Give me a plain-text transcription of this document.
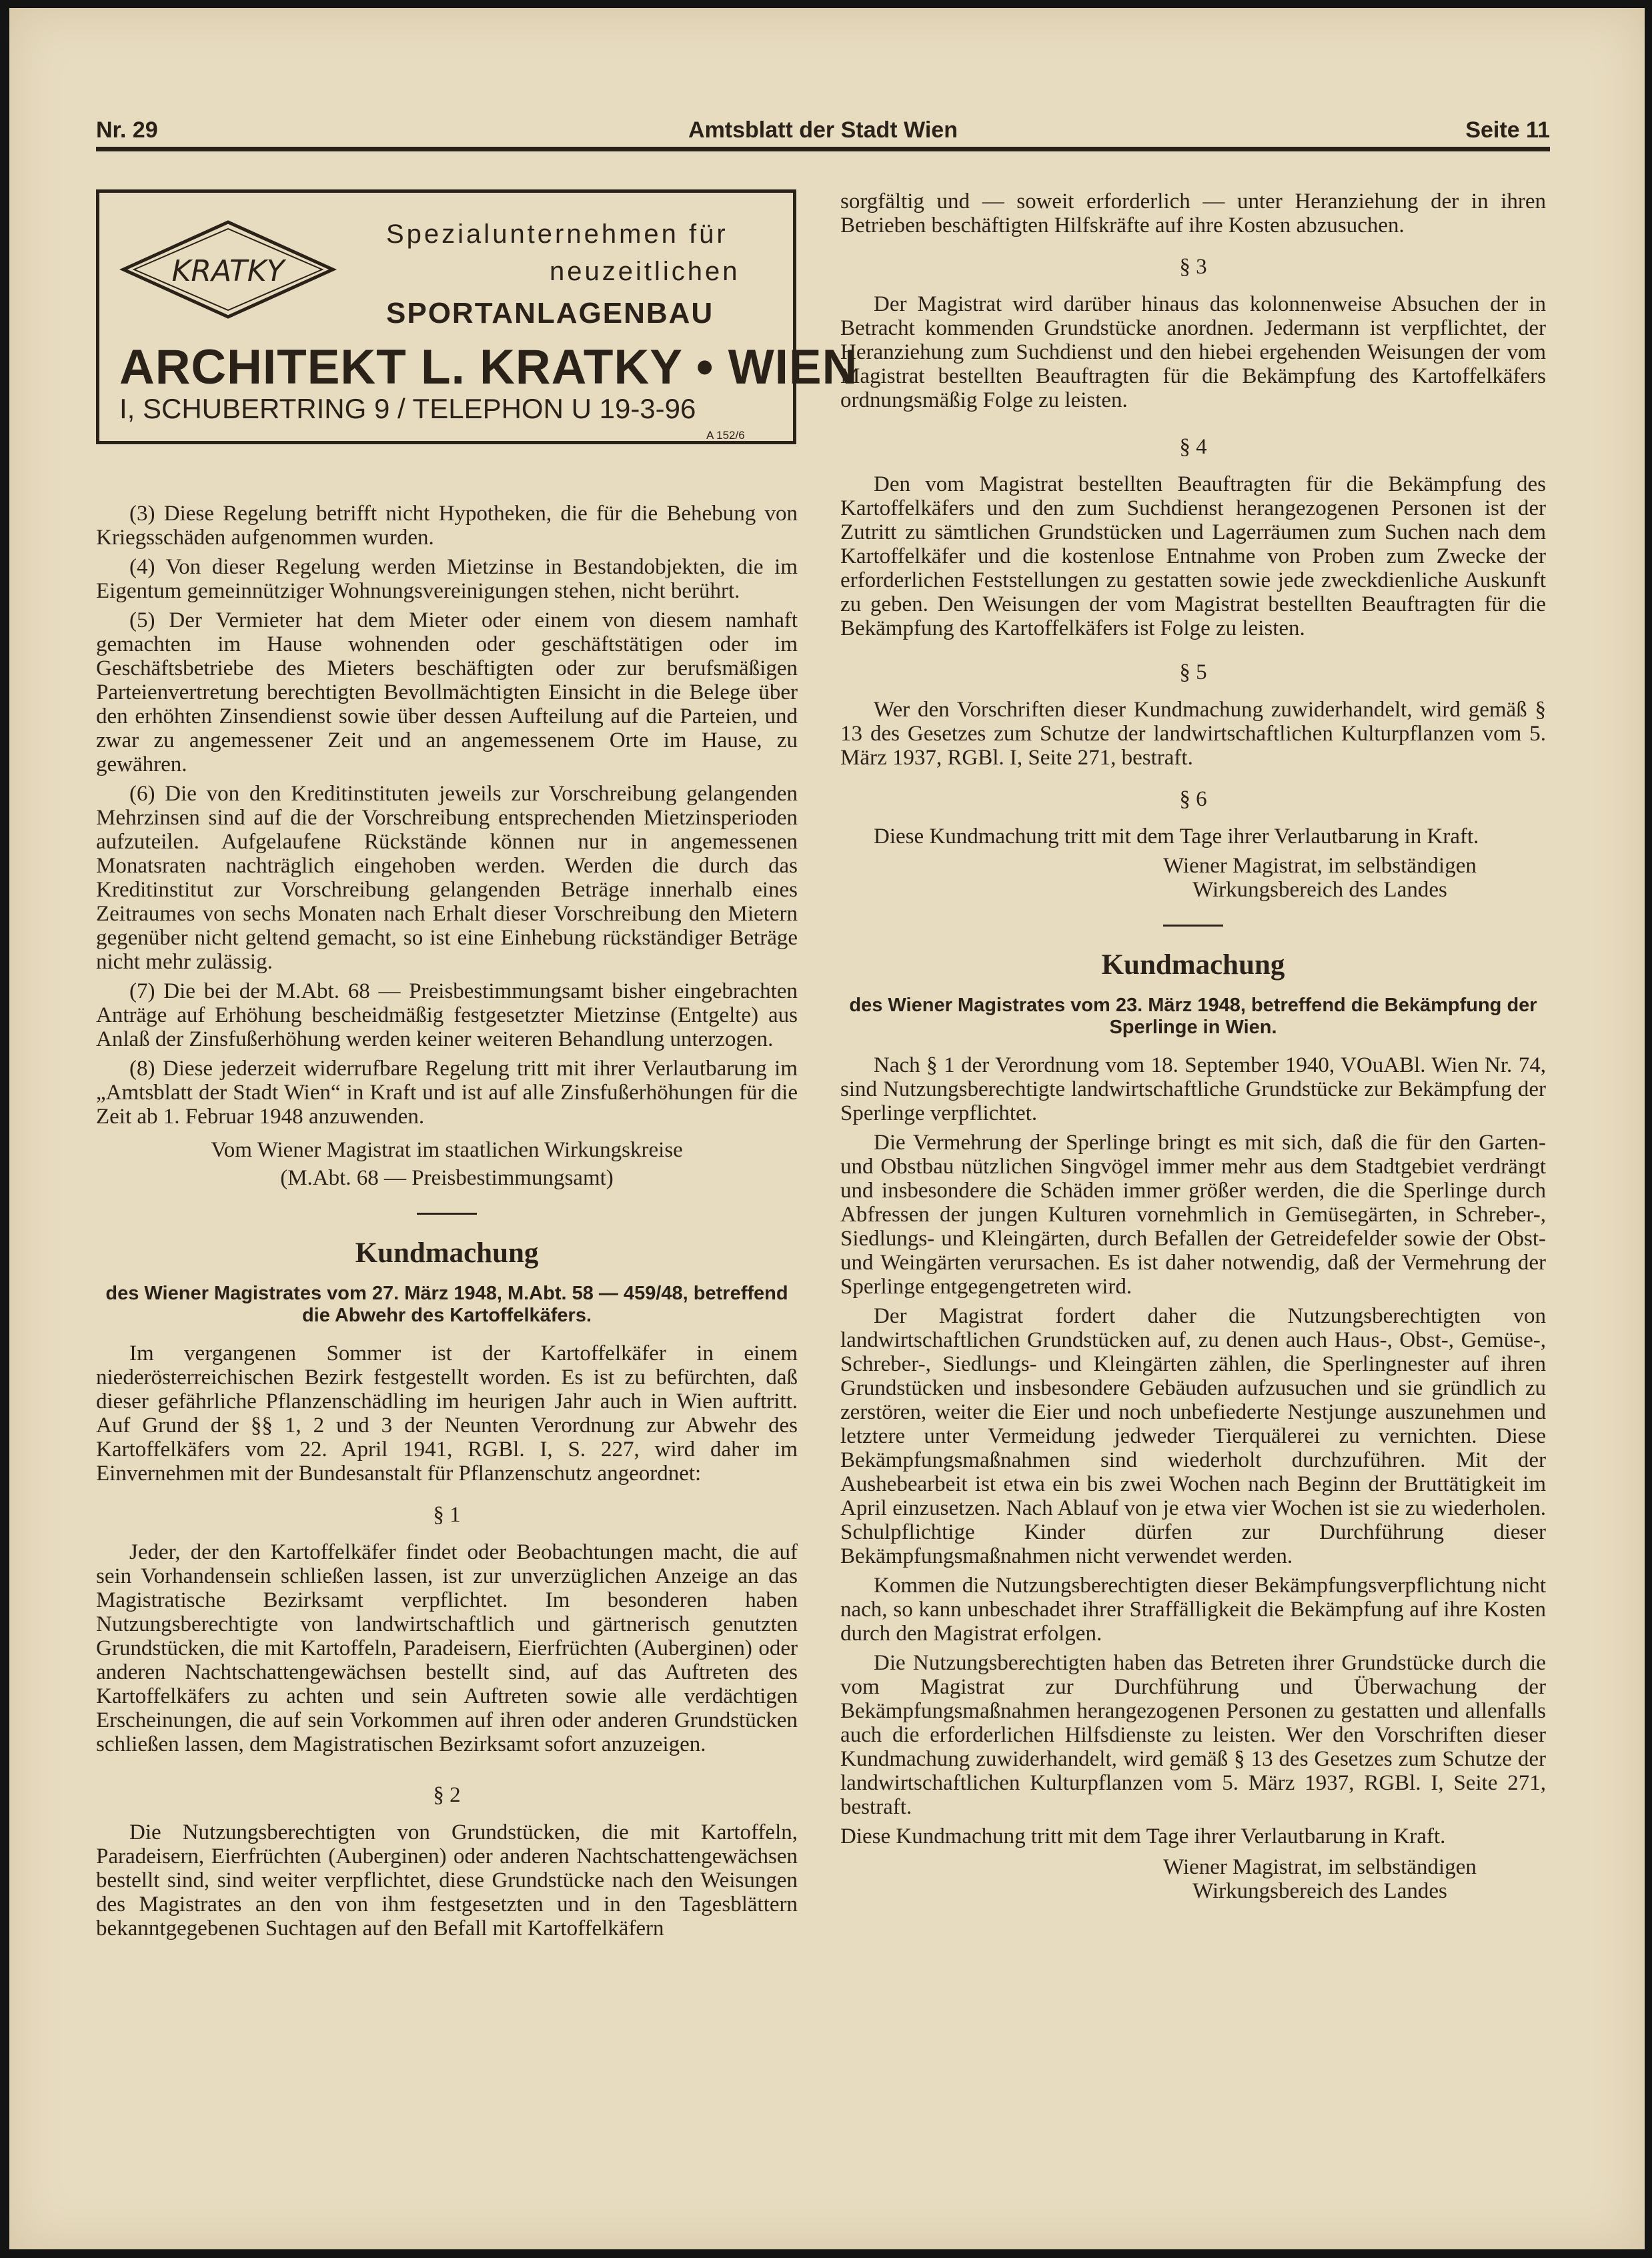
Nr. 29	Amtsblatt der Stadt Wien	Seite 11
KRATKY
Spezialunternehmen für
neuzeitlichen
SPORTANLAGENBAU
ARCHITEKT L. KRATKY • WIEN
I, SCHUBERTRING 9 / TELEPHON U 19-3-96
A 152/6

(3) Diese Regelung betrifft nicht Hypotheken, die für die Behebung von Kriegsschäden aufgenommen wurden.

(4) Von dieser Regelung werden Mietzinse in Bestandobjekten, die im Eigentum gemeinnütziger Wohnungsvereinigungen stehen, nicht berührt.

(5) Der Vermieter hat dem Mieter oder einem von diesem namhaft gemachten im Hause wohnenden oder geschäftstätigen oder im Geschäftsbetriebe des Mieters beschäftigten oder zur berufsmäßigen Parteienvertretung berechtigten Bevollmächtigten Einsicht in die Belege über den erhöhten Zinsendienst sowie über dessen Aufteilung auf die Parteien, und zwar zu angemessener Zeit und an angemessenem Orte im Hause, zu gewähren.

(6) Die von den Kreditinstituten jeweils zur Vorschreibung gelangenden Mehrzinsen sind auf die der Vorschreibung entsprechenden Mietzinsperioden aufzuteilen. Aufgelaufene Rückstände können nur in angemessenen Monatsraten nachträglich eingehoben werden. Werden die durch das Kreditinstitut zur Vorschreibung gelangenden Beträge innerhalb eines Zeitraumes von sechs Monaten nach Erhalt dieser Vorschreibung den Mietern gegenüber nicht geltend gemacht, so ist eine Einhebung rückständiger Beträge nicht mehr zulässig.

(7) Die bei der M.Abt. 68 — Preisbestimmungsamt bisher eingebrachten Anträge auf Erhöhung bescheidmäßig festgesetzter Mietzinse (Entgelte) aus Anlaß der Zinsfußerhöhung werden keiner weiteren Behandlung unterzogen.

(8) Diese jederzeit widerrufbare Regelung tritt mit ihrer Verlautbarung im „Amtsblatt der Stadt Wien“ in Kraft und ist auf alle Zinsfußerhöhungen für die Zeit ab 1. Februar 1948 anzuwenden.

Vom Wiener Magistrat im staatlichen Wirkungskreise
(M.Abt. 68 — Preisbestimmungsamt)
Kundmachung
des Wiener Magistrates vom 27. März 1948, M.Abt. 58 — 459/48, betreffend die Abwehr des Kartoffelkäfers.

Im vergangenen Sommer ist der Kartoffelkäfer in einem niederösterreichischen Bezirk festgestellt worden. Es ist zu befürchten, daß dieser gefährliche Pflanzenschädling im heurigen Jahr auch in Wien auftritt. Auf Grund der §§ 1, 2 und 3 der Neunten Verordnung zur Abwehr des Kartoffelkäfers vom 22. April 1941, RGBl. I, S. 227, wird daher im Einvernehmen mit der Bundesanstalt für Pflanzenschutz angeordnet:

§ 1

Jeder, der den Kartoffelkäfer findet oder Beobachtungen macht, die auf sein Vorhandensein schließen lassen, ist zur unverzüglichen Anzeige an das Magistratische Bezirksamt verpflichtet. Im besonderen haben Nutzungsberechtigte von landwirtschaftlich und gärtnerisch genutzten Grundstücken, die mit Kartoffeln, Paradeisern, Eierfrüchten (Auberginen) oder anderen Nachtschattengewächsen bestellt sind, auf das Auftreten des Kartoffelkäfers zu achten und sein Auftreten sowie alle verdächtigen Erscheinungen, die auf sein Vorkommen auf ihren oder anderen Grundstücken schließen lassen, dem Magistratischen Bezirksamt sofort anzuzeigen.

§ 2

Die Nutzungsberechtigten von Grundstücken, die mit Kartoffeln, Paradeisern, Eierfrüchten (Auberginen) oder anderen Nachtschattengewächsen bestellt sind, sind weiter verpflichtet, diese Grundstücke nach den Weisungen des Magistrates an den von ihm festgesetzten und in den Tagesblättern bekanntgegebenen Suchtagen auf den Befall mit Kartoffelkäfern

sorgfältig und — soweit erforderlich — unter Heranziehung der in ihren Betrieben beschäftigten Hilfskräfte auf ihre Kosten abzusuchen.

§ 3

Der Magistrat wird darüber hinaus das kolonnenweise Absuchen der in Betracht kommenden Grundstücke anordnen. Jedermann ist verpflichtet, der Heranziehung zum Suchdienst und den hiebei ergehenden Weisungen der vom Magistrat bestellten Beauftragten für die Bekämpfung des Kartoffelkäfers ordnungsmäßig Folge zu leisten.

§ 4

Den vom Magistrat bestellten Beauftragten für die Bekämpfung des Kartoffelkäfers und den zum Suchdienst herangezogenen Personen ist der Zutritt zu sämtlichen Grundstücken und Lagerräumen zum Suchen nach dem Kartoffelkäfer und die kostenlose Entnahme von Proben zum Zwecke der erforderlichen Feststellungen zu gestatten sowie jede zweckdienliche Auskunft zu geben. Den Weisungen der vom Magistrat bestellten Beauftragten für die Bekämpfung des Kartoffelkäfers ist Folge zu leisten.

§ 5

Wer den Vorschriften dieser Kundmachung zuwiderhandelt, wird gemäß § 13 des Gesetzes zum Schutze der landwirtschaftlichen Kulturpflanzen vom 5. März 1937, RGBl. I, Seite 271, bestraft.

§ 6

Diese Kundmachung tritt mit dem Tage ihrer Verlautbarung in Kraft.

Wiener Magistrat, im selbständigen
Wirkungsbereich des Landes
Kundmachung
des Wiener Magistrates vom 23. März 1948, betreffend die Bekämpfung der Sperlinge in Wien.

Nach § 1 der Verordnung vom 18. September 1940, VOuABl. Wien Nr. 74, sind Nutzungsberechtigte landwirtschaftliche Grundstücke zur Bekämpfung der Sperlinge verpflichtet.

Die Vermehrung der Sperlinge bringt es mit sich, daß die für den Garten- und Obstbau nützlichen Singvögel immer mehr aus dem Stadtgebiet verdrängt und insbesondere die Schäden immer größer werden, die die Sperlinge durch Abfressen der jungen Kulturen vornehmlich in Gemüsegärten, in Schreber-, Siedlungs- und Kleingärten, durch Befallen der Getreidefelder sowie der Obst- und Weingärten verursachen. Es ist daher notwendig, daß der Vermehrung der Sperlinge entgegengetreten wird.

Der Magistrat fordert daher die Nutzungsberechtigten von landwirtschaftlichen Grundstücken auf, zu denen auch Haus-, Obst-, Gemüse-, Schreber-, Siedlungs- und Kleingärten zählen, die Sperlingnester auf ihren Grundstücken und insbesondere Gebäuden aufzusuchen und sie gründlich zu zerstören, weiter die Eier und noch unbefiederte Nestjunge auszunehmen und letztere unter Vermeidung jedweder Tierquälerei zu vernichten. Diese Bekämpfungsmaßnahmen sind wiederholt durchzuführen. Mit der Aushebearbeit ist etwa ein bis zwei Wochen nach Beginn der Bruttätigkeit im April einzusetzen. Nach Ablauf von je etwa vier Wochen ist sie zu wiederholen. Schulpflichtige Kinder dürfen zur Durchführung dieser Bekämpfungsmaßnahmen nicht verwendet werden.

Kommen die Nutzungsberechtigten dieser Bekämpfungsverpflichtung nicht nach, so kann unbeschadet ihrer Straffälligkeit die Bekämpfung auf ihre Kosten durch den Magistrat erfolgen.

Die Nutzungsberechtigten haben das Betreten ihrer Grundstücke durch die vom Magistrat zur Durchführung und Überwachung der Bekämpfungsmaßnahmen herangezogenen Personen zu gestatten und allenfalls auch die erforderlichen Hilfsdienste zu leisten. Wer den Vorschriften dieser Kundmachung zuwiderhandelt, wird gemäß § 13 des Gesetzes zum Schutze der landwirtschaftlichen Kulturpflanzen vom 5. März 1937, RGBl. I, Seite 271, bestraft.

Diese Kundmachung tritt mit dem Tage ihrer Verlautbarung in Kraft.

Wiener Magistrat, im selbständigen
Wirkungsbereich des Landes
